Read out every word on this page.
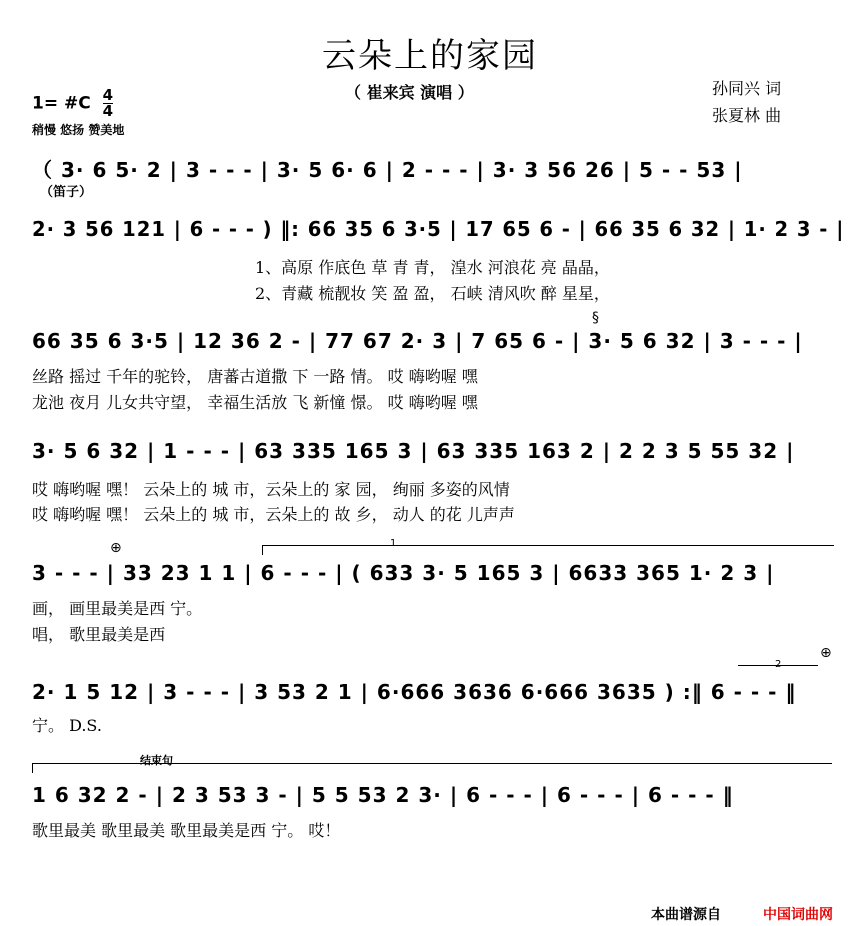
云朵上的家园
（ 崔来宾 演唱 ）	孙同兴 词
张夏林 曲
1= #C $\frac{4}{4}$
稍慢 悠扬 赞美地
（ 3· 6 5· 2 | 3 - - - | 3· 5 6· 6 | 2 - - - | 3· 3 56 26 | 5 - - 53 |
（笛子）
2· 3 56 121 | 6 - - - ) ‖: 66 35 6 3·5 | 17 65 6 - | 66 35 6 32 | 1· 2 3 - |
1、高原 作底色 草 青 青， 湟水 河浪花 亮 晶晶，
2、青藏 梳靓妆 笑 盈 盈， 石峡 清风吹 醉 星星，
§
66 35 6 3·5 | 12 36 2 - | 77 67 2· 3 | 7 65 6 - | 3· 5 6 32 | 3 - - - |
丝路 摇过 千年的驼铃， 唐蕃古道撒 下 一路 情。 哎 嗨哟喔 嘿
龙池 夜月 儿女共守望， 幸福生活放 飞 新憧 憬。 哎 嗨哟喔 嘿
3· 5 6 32 | 1 - - - | 63 335 165 3 | 63 335 163 2 | 2 2 3 5 55 32 |
哎 嗨哟喔 嘿！ 云朵上的 城 市，云朵上的 家 园， 绚丽 多姿的风情
哎 嗨哟喔 嘿！ 云朵上的 城 市，云朵上的 故 乡， 动人 的花 儿声声
⊕	1
3 - - - | 33 23 1 1 | 6 - - - | ( 633 3· 5 165 3 | 6633 365 1· 2 3 |
画， 画里最美是西 宁。
唱， 歌里最美是西
2
⊕
2· 1 5 12 | 3 - - - | 3 53 2 1 | 6·666 3636 6·666 3635 ) :‖ 6 - - - ‖
宁。 D.S.
结束句
1 6 32 2 - | 2 3 53 3 - | 5 5 53 2 3· | 6 - - - | 6 - - - | 6 - - - ‖
歌里最美 歌里最美 歌里最美是西 宁。 哎！
本曲谱源自	中国词曲网
